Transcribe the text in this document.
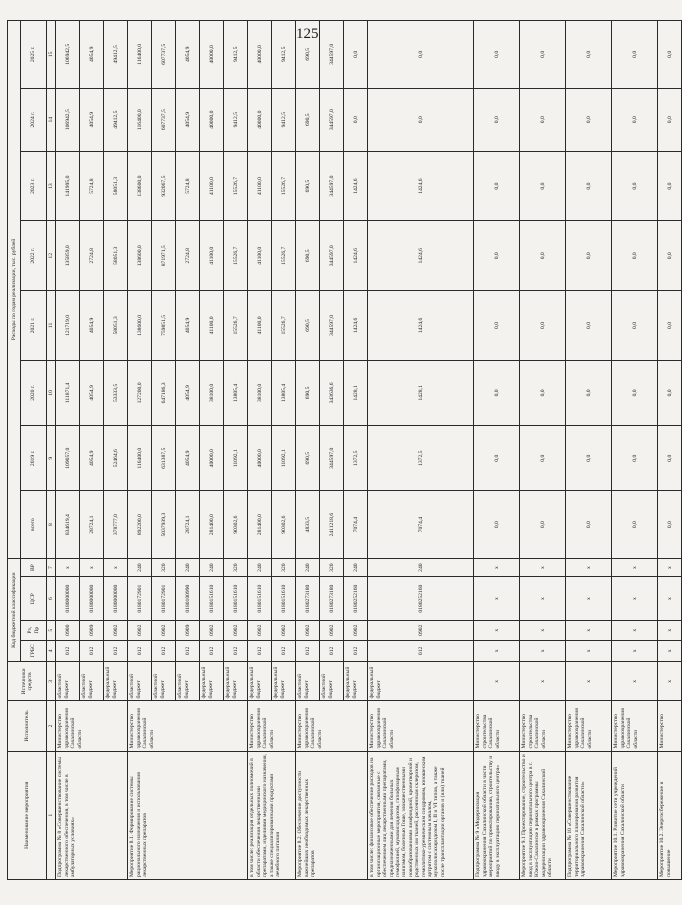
125
Наименование мероприятия	Исполнитель	Источники средств	Код бюджетной классификации				Расходы по годам реализации, тыс. рублей							
			ГРБС	Рз, Пр	ЦСР	ВР	всего	2019 г.	2020 г.	2021 г.	2022 г.	2023 г.	2024 г.	2025 г.

1	2	3	4	5	6	7	8	9	10	11	12	13	14	15
Подпрограмма № 8 «Совершенствование системы лекарственного обеспечения, в том числе в амбулаторных условиях»	Министерство здравоохранения Сахалинской области	областной бюджет	012	0900	0180000000	x	834619,4	109057,0	111871,4	121719,0	135859,0	141995,0	106942,5	106942,5
		областной бюджет	012	0909	0180000000	x	28724,1	4054,9	4054,9	4054,9	2724,8	5724,8	4054,9	4054,9
		федеральный бюджет	012	0902	0180000000	x	378777,0	52464,6	53333,5	58051,3	58051,3	58051,3	49412,5	49412,5
Мероприятие 8.1. Формирование системы рационального назначения и использования лекарственных препаратов	Министерство здравоохранения Сахалинской области	областной бюджет	012	0902	0180172901	240	892200,0	116400,0	127200,0	138600,0	138600,0	138600,0	116400,0	116400,0
		областной бюджет	012	0902	0180172901	320	5037939,3	631387,5	647186,3	759851,5	871971,5	932067,5	607737,5	607737,5
		областной бюджет	012	0909	0180100990	240	28724,1	4054,9	4054,9	4054,9	2724,8	5724,8	4054,9	4054,9
		федеральный бюджет	012	0902	0180151610	240	281400,0	40000,0	38100,0	41100,0	41100,0	41100,0	40000,0	40000,0
		федеральный бюджет	012	0902	0180151610	320	90302,6	11092,1	13805,4	15526,7	15526,7	15526,7	9412,5	9412,5
в том числе: реализация отдельных полномочий в области обеспечения лекарственными препаратами, изделиями медицинского назначения, а также специализированными продуктами лечебного питания	Министерство здравоохранения Сахалинской области	федеральный бюджет	012	0902	0180151610	240	281400,0	40000,0	38100,0	41100,0	41100,0	41100,0	40000,0	40000,0
		федеральный бюджет	012	0902	0180151610	320	90302,6	11092,1	13805,4	15526,7	15526,7	15526,7	9412,5	9412,5
Мероприятие 8.2. Обеспечение доступности важнейших необходимых лекарственных препаратов	Министерство здравоохранения Сахалинской области	областной бюджет	012	0902	0180273180	240	4833,5	690,5	690,5	690,5	690,5	690,5	690,5	690,5
		областной бюджет	012	0902	0180273180	320	2411218,6	344597,0	343636,6	344597,0	344597,0	344597,0	344597,0	344597,0
		федеральный бюджет	012	0902	0180252160	240	7074,4	1372,5	1428,1	1424,6	1424,6	1424,6	0,0	0,0
в том числе: финансовое обеспечение расходов на организационные мероприятия, связанные с обеспечением лиц лекарственными препаратами, предназначенными для лечения больных гемофилией, муковисцидозом, гипофизарным нанизмом, болезнью Гоше, злокачественными новообразованиями лимфоидной, кроветворной и родственных им тканей, рассеянным склерозом, гемолитико-уремическим синдромом, юношеским артритом с системным началом, мукополисахаридозом I, II и VI типов, а также после трансплантации органов и (или) тканей	Министерство здравоохранения Сахалинской области	федеральный бюджет	012	0902	0180252160	240	7074,4	1372,5	1428,1	1424,6	1424,6	1424,6	0,0	0,0
Подпрограмма № 9 «Модернизация здравоохранения Сахалинской области в части мероприятий по проектированию, строительству и вводу в эксплуатацию перинатального центра»	Министерство строительства Сахалинской области	x	x	x	x	x	0,0	0,0	0,0	0,0	0,0	0,0	0,0	0,0
Мероприятие 9.1 Проектирование, строительство и ввод в эксплуатацию перинатального центра в г. Южно-Сахалинске в рамках программы модернизации здравоохранения Сахалинской области	Министерство строительства Сахалинской области	x	x	x	x	x	0,0	0,0	0,0	0,0	0,0	0,0	0,0	0,0
Подпрограмма № 10 «Совершенствование территориального планирования развития здравоохранения Сахалинской области»	Министерство здравоохранения Сахалинской области	x	x	x	x	x	0,0	0,0	0,0	0,0	0,0	0,0	0,0	0,0
Мероприятие 10.1. Развитие сети учреждений здравоохранения Сахалинской области	Министерство здравоохранения Сахалинской области	x	x	x	x	x	0,0	0,0	0,0	0,0	0,0	0,0	0,0	0,0
Мероприятие 10.2. Энергосбережение и повышение	Министерство	x	x	x	x	x	0,0	0,0	0,0	0,0	0,0	0,0	0,0	0,0
